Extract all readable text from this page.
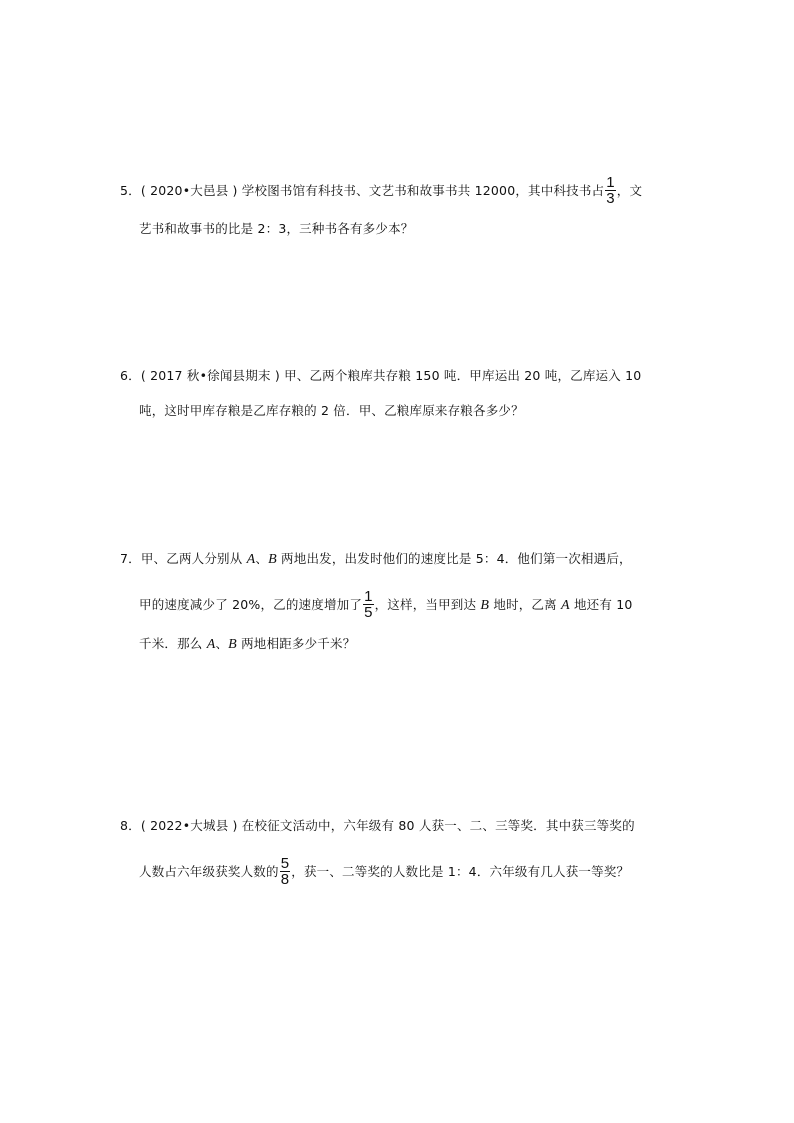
5．( 2020•大邑县 ) 学校图书馆有科技书、文艺书和故事书共 12000，其中科技书占 $\frac{1}{3}$ ，文
艺书和故事书的比是 2：3，三种书各有多少本？
6．( 2017 秋•徐闻县期末 ) 甲、乙两个粮库共存粮 150 吨．甲库运出 20 吨，乙库运入 10
吨，这时甲库存粮是乙库存粮的 2 倍．甲、乙粮库原来存粮各多少？
7．甲、乙两人分别从 A、B 两地出发，出发时他们的速度比是 5：4．他们第一次相遇后，
甲的速度减少了 20%，乙的速度增加了 $\frac{1}{5}$ ，这样，当甲到达 B 地时，乙离 A 地还有 10
千米．那么 A、B 两地相距多少千米？
8．( 2022•大城县 ) 在校征文活动中，六年级有 80 人获一、二、三等奖．其中获三等奖的
人数占六年级获奖人数的 $\frac{5}{8}$ ，获一、二等奖的人数比是 1：4．六年级有几人获一等奖？
